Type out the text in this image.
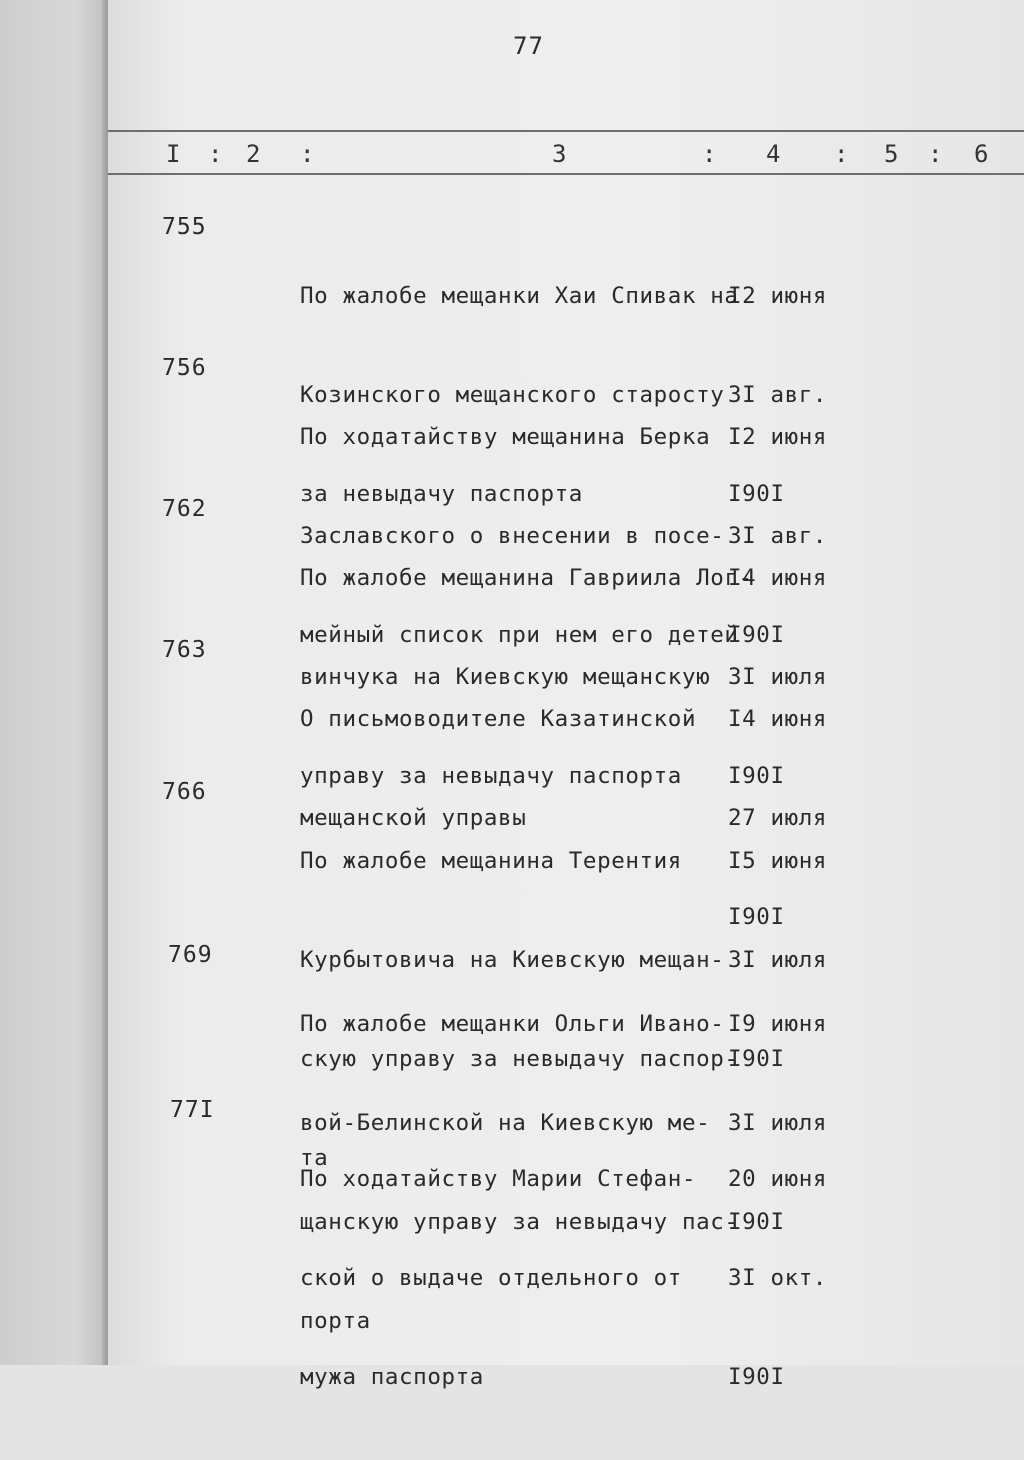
77
I : 2 :	3	: 4 : 5 : 6
755

По жалобе мещанки Хаи Спивак на

Козинского мещанского старосту

за невыдачу паспорта

I2 июня

3I авг.

I90I

756

По ходатайству мещанина Берка

Заславского о внесении в посе-

мейный список при нем его детей

I2 июня

3I авг.

I90I

762

По жалобе мещанина Гавриила Лог-

винчука на Киевскую мещанскую

управу за невыдачу паспорта

I4 июня

3I июля

I90I

763

О письмоводителе Казатинской

мещанской управы

I4 июня

27 июля

I90I

766

По жалобе мещанина Терентия

Курбытовича на Киевскую мещан-

скую управу за невыдачу паспор-

та

I5 июня

3I июля

I90I

769

По жалобе мещанки Ольги Ивано-

вой-Белинской на Киевскую ме-

щанскую управу за невыдачу пас-

порта

I9 июня

3I июля

I90I

77I

По ходатайству Марии Стефан-

ской о выдаче отдельного от

мужа паспорта

20 июня

3I окт.

I90I
